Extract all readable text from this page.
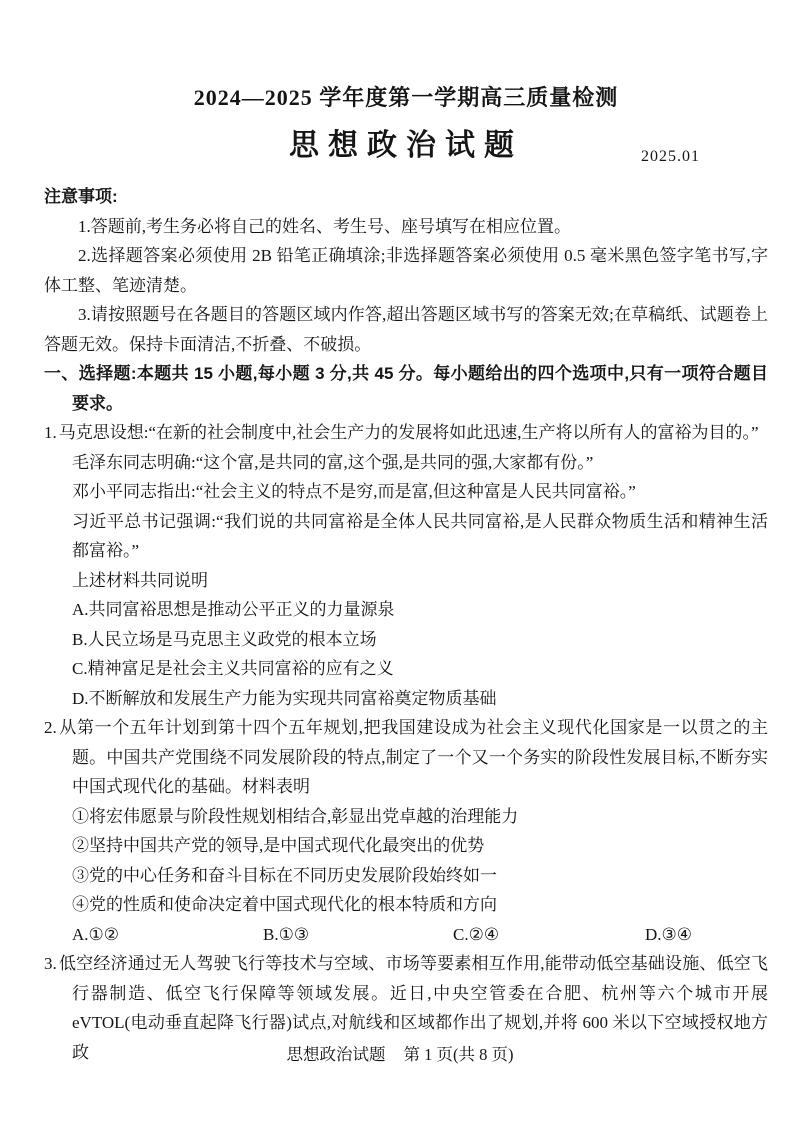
2024—2025 学年度第一学期高三质量检测
思想政治试题	2025.01
注意事项:
1.答题前,考生务必将自己的姓名、考生号、座号填写在相应位置。
2.选择题答案必须使用 2B 铅笔正确填涂;非选择题答案必须使用 0.5 毫米黑色签字笔书写,字体工整、笔迹清楚。
3.请按照题号在各题目的答题区域内作答,超出答题区域书写的答案无效;在草稿纸、试题卷上答题无效。保持卡面清洁,不折叠、不破损。
一、选择题:本题共 15 小题,每小题 3 分,共 45 分。每小题给出的四个选项中,只有一项符合题目要求。
1. 马克思设想:“在新的社会制度中,社会生产力的发展将如此迅速,生产将以所有人的富裕为目的。”
毛泽东同志明确:“这个富,是共同的富,这个强,是共同的强,大家都有份。”
邓小平同志指出:“社会主义的特点不是穷,而是富,但这种富是人民共同富裕。”
习近平总书记强调:“我们说的共同富裕是全体人民共同富裕,是人民群众物质生活和精神生活都富裕。”
上述材料共同说明
A.共同富裕思想是推动公平正义的力量源泉
B.人民立场是马克思主义政党的根本立场
C.精神富足是社会主义共同富裕的应有之义
D.不断解放和发展生产力能为实现共同富裕奠定物质基础
2. 从第一个五年计划到第十四个五年规划,把我国建设成为社会主义现代化国家是一以贯之的主题。中国共产党围绕不同发展阶段的特点,制定了一个又一个务实的阶段性发展目标,不断夯实中国式现代化的基础。材料表明
①将宏伟愿景与阶段性规划相结合,彰显出党卓越的治理能力
②坚持中国共产党的领导,是中国式现代化最突出的优势
③党的中心任务和奋斗目标在不同历史发展阶段始终如一
④党的性质和使命决定着中国式现代化的根本特质和方向
A.①②	B.①③	C.②④	D.③④
3. 低空经济通过无人驾驶飞行等技术与空域、市场等要素相互作用,能带动低空基础设施、低空飞行器制造、低空飞行保障等领域发展。近日,中央空管委在合肥、杭州等六个城市开展 eVTOL(电动垂直起降飞行器)试点,对航线和区域都作出了规划,并将 600 米以下空域授权地方政	思想政治试题 第 1 页(共 8 页)
